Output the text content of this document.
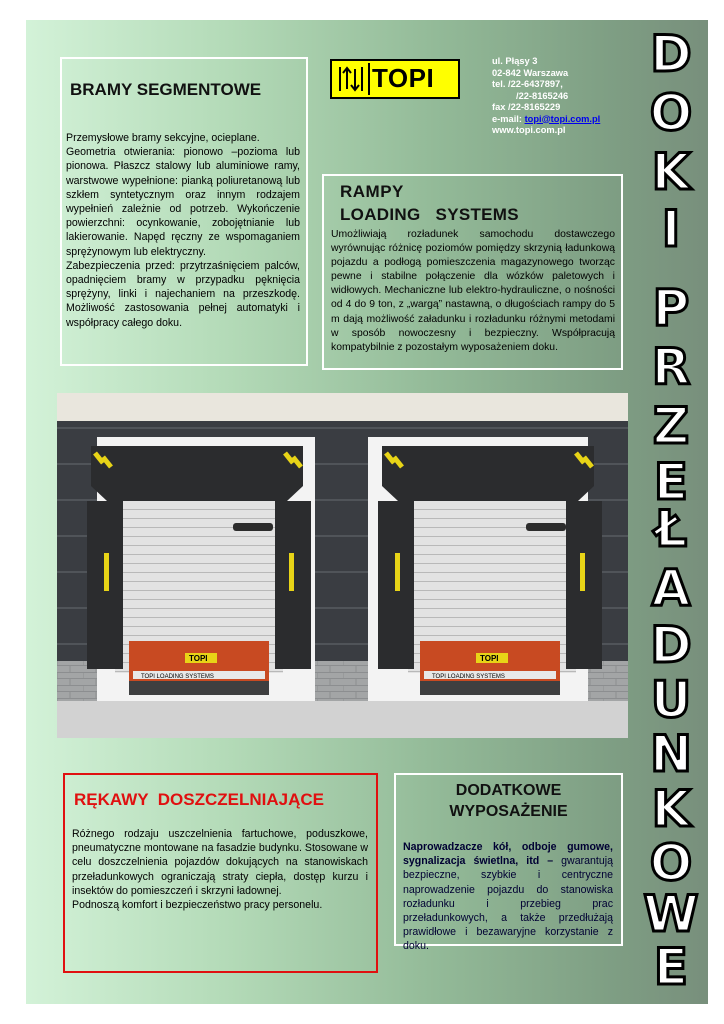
BRAMY SEGMENTOWE

Przemysłowe bramy sekcyjne, ocieplane.

Geometria otwierania: pionowo –pozioma lub pionowa. Płaszcz stalowy lub aluminiowe ramy, warstwowe wypełnione: pianką poliuretanową lub szkłem syntetycznym oraz innym rodzajem wypełnień zależnie od potrzeb. Wykończenie powierzchni: ocynkowanie, zobojętnianie lub lakierowanie. Napęd ręczny ze wspomaganiem sprężynowym lub elektryczny.

Zabezpieczenia przed: przytrzaśnięciem palców, opadnięciem bramy w przypadku pęknięcia sprężyny, linki i najechaniem na przeszkodę. Możliwość zastosowania pełnej automatyki i współpracy całego doku.

TOPI
ul. Płąsy 3
02-842 Warszawa
tel. /22-6437897,
/22-8165246
fax /22-8165229
e-mail: topi@topi.com.pl
www.topi.com.pl
RAMPY
LOADING   SYSTEMS
Umożliwiają rozładunek samochodu dostawczego wyrównując różnicę poziomów pomiędzy skrzynią ładunkową pojazdu a podłogą pomieszczenia magazynowego tworząc pewne i stabilne połączenie dla wózków paletowych i widłowych. Mechaniczne lub elektro-hydrauliczne, o nośności od 4 do 9 ton, z „wargą” nastawną, o długościach rampy do 5 m dają możliwość załadunku i rozładunku różnymi metodami w sposób nowoczesny i bezpieczny. Współpracują kompatybilnie z pozostałym wyposażeniem doku.
TOPI
TOPI LOADING SYSTEMS
TOPI
TOPI LOADING SYSTEMS
RĘKAWY  DOSZCZELNIAJĄCE

Różnego rodzaju uszczelnienia fartuchowe, poduszkowe, pneumatyczne montowane na fasadzie budynku. Stosowane w celu doszczelnienia pojazdów dokujących na stanowiskach przeładunkowych ograniczają straty ciepła, dostęp kurzu i insektów do pomieszczeń i skrzyni ładownej.

Podnoszą komfort i bezpieczeństwo pracy personelu.

DODATKOWE
WYPOSAŻENIE
Naprowadzacze kół, odboje gumowe, sygnalizacja świetlna, itd – gwarantują bezpieczne, szybkie i centryczne naprowadzenie pojazdu do stanowiska rozładunku i przebieg prac przeładunkowych, a także przedłużają prawidłowe i bezawaryjne korzystanie z doku.
D
O
K
I
P
R
Z
E
Ł
A
D
U
N
K
O
W
E
